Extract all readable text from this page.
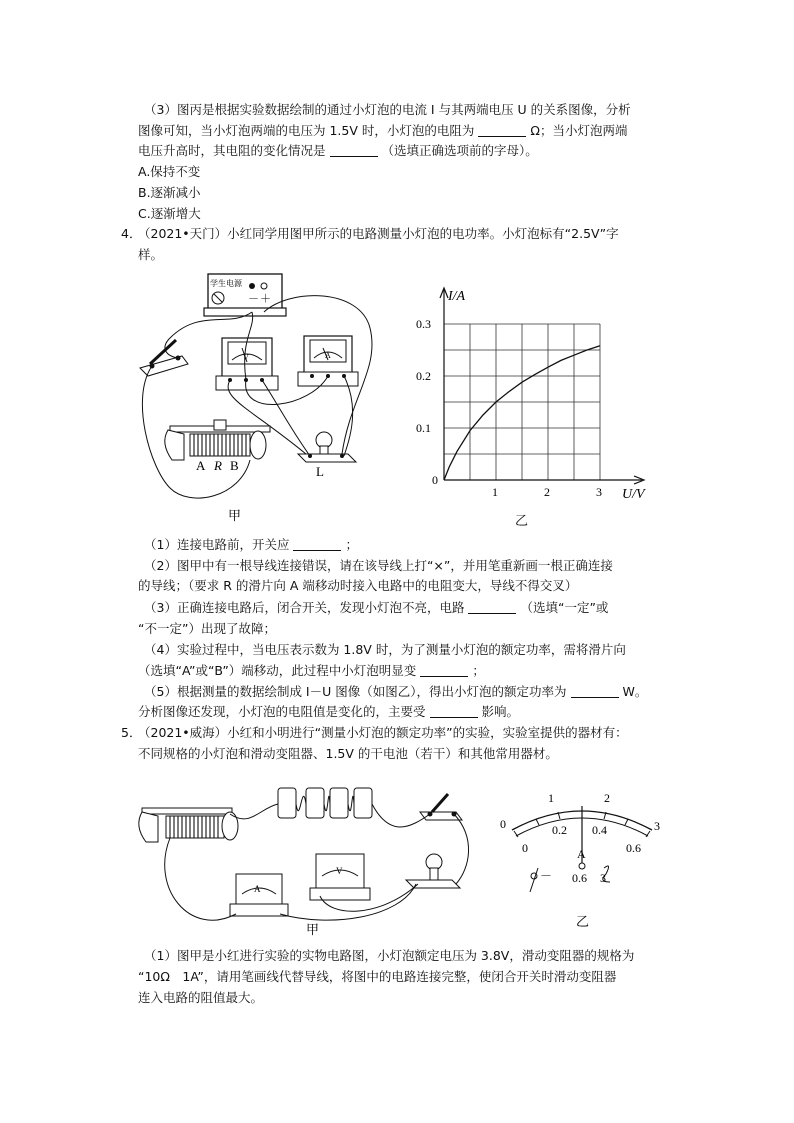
（3）图丙是根据实验数据绘制的通过小灯泡的电流 I 与其两端电压 U 的关系图像，分析
图像可知，当小灯泡两端的电压为 1.5V 时，小灯泡的电阻为	Ω；当小灯泡两端
电压升高时，其电阻的变化情况是	（选填正确选项前的字母）。
A.保持不变
B.逐渐减小
C.逐渐增大
4．
（2021•天门）小红同学用图甲所示的电路测量小灯泡的电功率。小灯泡标有“2.5V”字
样。
学生电源
－ ＋
V	A
A R B	L
甲
0.1
0.2
0.3
1	2	3
I/A
U/V
0
乙
（1）连接电路前，开关应	；
（2）图甲中有一根导线连接错误，请在该导线上打“×”，并用笔重新画一根正确连接
的导线；（要求 R 的滑片向 A 端移动时接入电路中的电阻变大，导线不得交叉）
（3）正确连接电路后，闭合开关，发现小灯泡不亮，电路	（选填“一定”或
“不一定”）出现了故障；
（4）实验过程中，当电压表示数为 1.8V 时，为了测量小灯泡的额定功率，需将滑片向
（选填“A”或“B”）端移动，此过程中小灯泡明显变	；
（5）根据测量的数据绘制成 I－U 图像（如图乙），得出小灯泡的额定功率为	W。
分析图像还发现，小灯泡的电阻值是变化的，主要受	影响。
5．
（2021•威海）小红和小明进行“测量小灯泡的额定功率”的实验，实验室提供的器材有：
不同规格的小灯泡和滑动变阻器、1.5V 的干电池（若干）和其他常用器材。
A
V
甲
0
1	2
3
0
0.2 0.4
0.6
A
－ 0.6 3
乙
（1）图甲是小红进行实验的实物电路图，小灯泡额定电压为 3.8V，滑动变阻器的规格为
“10Ω　1A”，请用笔画线代替导线，将图中的电路连接完整，使闭合开关时滑动变阻器
连入电路的阻值最大。
